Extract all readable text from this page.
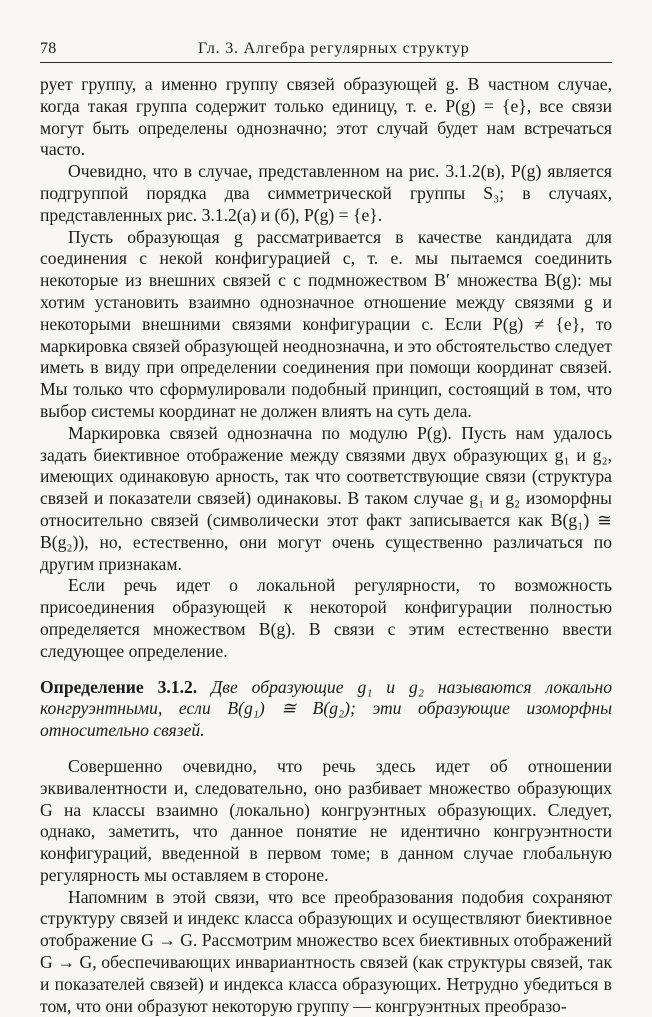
78	Гл. 3. Алгебра регулярных структур

рует группу, а именно группу связей образующей g. В частном случае, когда такая группа содержит только единицу, т. е. P(g) = {e}, все связи могут быть определены однозначно; этот случай будет нам встречаться часто.

Очевидно, что в случае, представленном на рис. 3.1.2(в), P(g) является подгруппой порядка два симметрической группы S₃; в случаях, представленных рис. 3.1.2(а) и (б), P(g) = {e}.

Пусть образующая g рассматривается в качестве кандидата для соединения с некой конфигурацией c, т. е. мы пытаемся соединить некоторые из внешних связей c с подмножеством B′ множества B(g): мы хотим установить взаимно однозначное отношение между связями g и некоторыми внешними связями конфигурации c. Если P(g) ≠ {e}, то маркировка связей образующей неоднозначна, и это обстоятельство следует иметь в виду при определении соединения при помощи координат связей. Мы только что сформулировали подобный принцип, состоящий в том, что выбор системы координат не должен влиять на суть дела.

Маркировка связей однозначна по модулю P(g). Пусть нам удалось задать биективное отображение между связями двух образующих g₁ и g₂, имеющих одинаковую арность, так что соответствующие связи (структура связей и показатели связей) одинаковы. В таком случае g₁ и g₂ изоморфны относительно связей (символически этот факт записывается как B(g₁) ≅ B(g₂)), но, естественно, они могут очень существенно различаться по другим признакам.

Если речь идет о локальной регулярности, то возможность присоединения образующей к некоторой конфигурации полностью определяется множеством B(g). В связи с этим естественно ввести следующее определение.

Определение 3.1.2. Две образующие g₁ и g₂ называются локально конгруэнтными, если B(g₁) ≅ B(g₂); эти образующие изоморфны относительно связей.

Совершенно очевидно, что речь здесь идет об отношении эквивалентности и, следовательно, оно разбивает множество образующих G на классы взаимно (локально) конгруэнтных образующих. Следует, однако, заметить, что данное понятие не идентично конгруэнтности конфигураций, введенной в первом томе; в данном случае глобальную регулярность мы оставляем в стороне.

Напомним в этой связи, что все преобразования подобия сохраняют структуру связей и индекс класса образующих и осуществляют биективное отображение G → G. Рассмотрим множество всех биективных отображений G → G, обеспечивающих инвариантность связей (как структуры связей, так и показателей связей) и индекса класса образующих. Нетрудно убедиться в том, что они образуют некоторую группу — конгруэнтных преобразо-
